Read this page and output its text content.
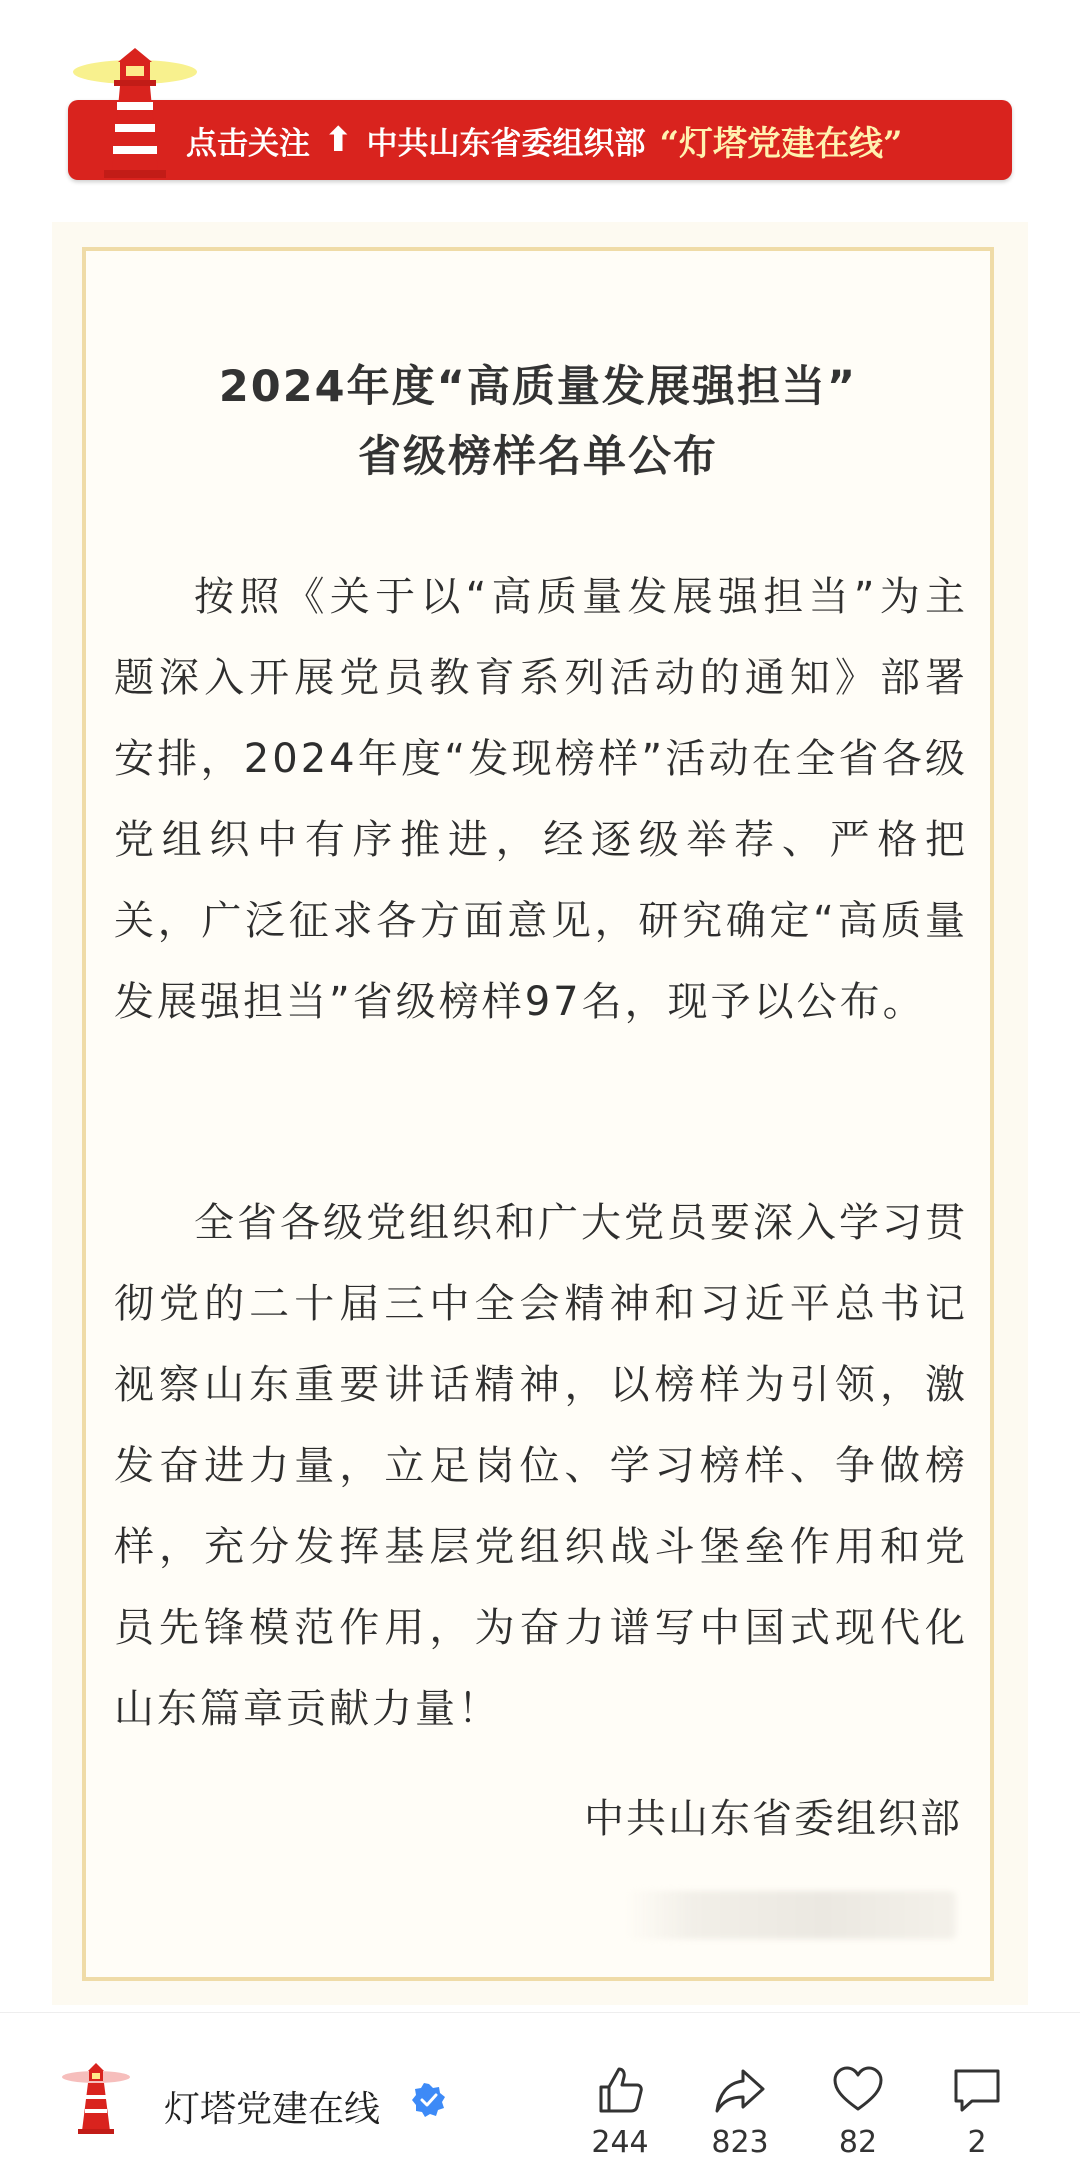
点击关注 ⬆ 中共山东省委组织部 “灯塔党建在线”
2024年度“高质量发展强担当”
省级榜样名单公布
按照《关于以“高质量发展强担当”为主题深入开展党员教育系列活动的通知》部署安排，2024年度“发现榜样”活动在全省各级党组织中有序推进，经逐级举荐、严格把关，广泛征求各方面意见，研究确定“高质量发展强担当”省级榜样97名，现予以公布。
全省各级党组织和广大党员要深入学习贯彻党的二十届三中全会精神和习近平总书记视察山东重要讲话精神，以榜样为引领，激发奋进力量，立足岗位、学习榜样、争做榜样，充分发挥基层党组织战斗堡垒作用和党员先锋模范作用，为奋力谱写中国式现代化山东篇章贡献力量！
中共山东省委组织部
灯塔党建在线
244	823	82	2
